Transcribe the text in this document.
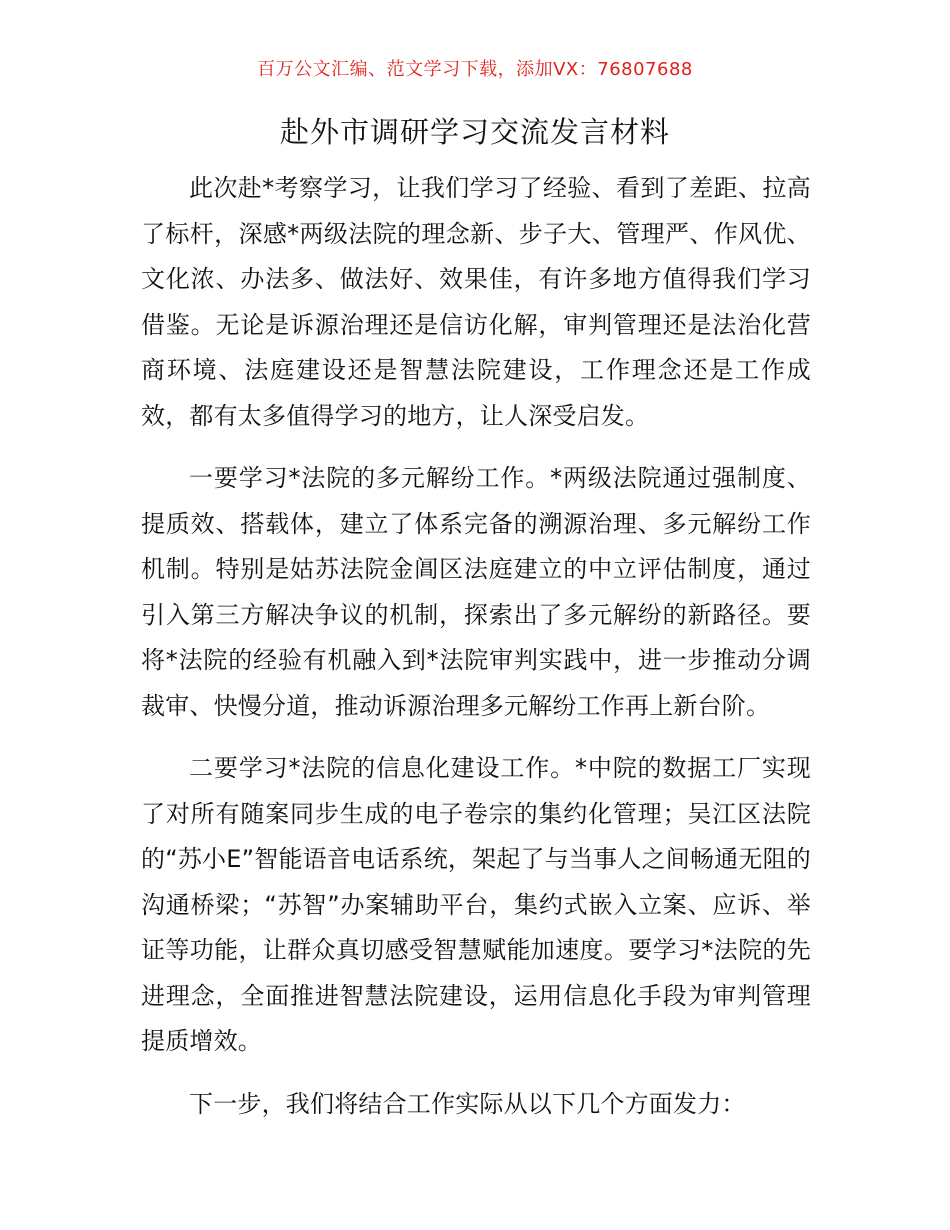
百万公文汇编、范文学习下载，添加VX：76807688
赴外市调研学习交流发言材料

此次赴*考察学习，让我们学习了经验、看到了差距、拉高了标杆，深感*两级法院的理念新、步子大、管理严、作风优、文化浓、办法多、做法好、效果佳，有许多地方值得我们学习借鉴。无论是诉源治理还是信访化解，审判管理还是法治化营商环境、法庭建设还是智慧法院建设，工作理念还是工作成效，都有太多值得学习的地方，让人深受启发。

一要学习*法院的多元解纷工作。*两级法院通过强制度、提质效、搭载体，建立了体系完备的溯源治理、多元解纷工作机制。特别是姑苏法院金阊区法庭建立的中立评估制度，通过引入第三方解决争议的机制，探索出了多元解纷的新路径。要将*法院的经验有机融入到*法院审判实践中，进一步推动分调裁审、快慢分道，推动诉源治理多元解纷工作再上新台阶。

二要学习*法院的信息化建设工作。*中院的数据工厂实现了对所有随案同步生成的电子卷宗的集约化管理；吴江区法院的“苏小E”智能语音电话系统，架起了与当事人之间畅通无阻的沟通桥梁；“苏智”办案辅助平台，集约式嵌入立案、应诉、举证等功能，让群众真切感受智慧赋能加速度。要学习*法院的先进理念，全面推进智慧法院建设，运用信息化手段为审判管理提质增效。

下一步，我们将结合工作实际从以下几个方面发力：
